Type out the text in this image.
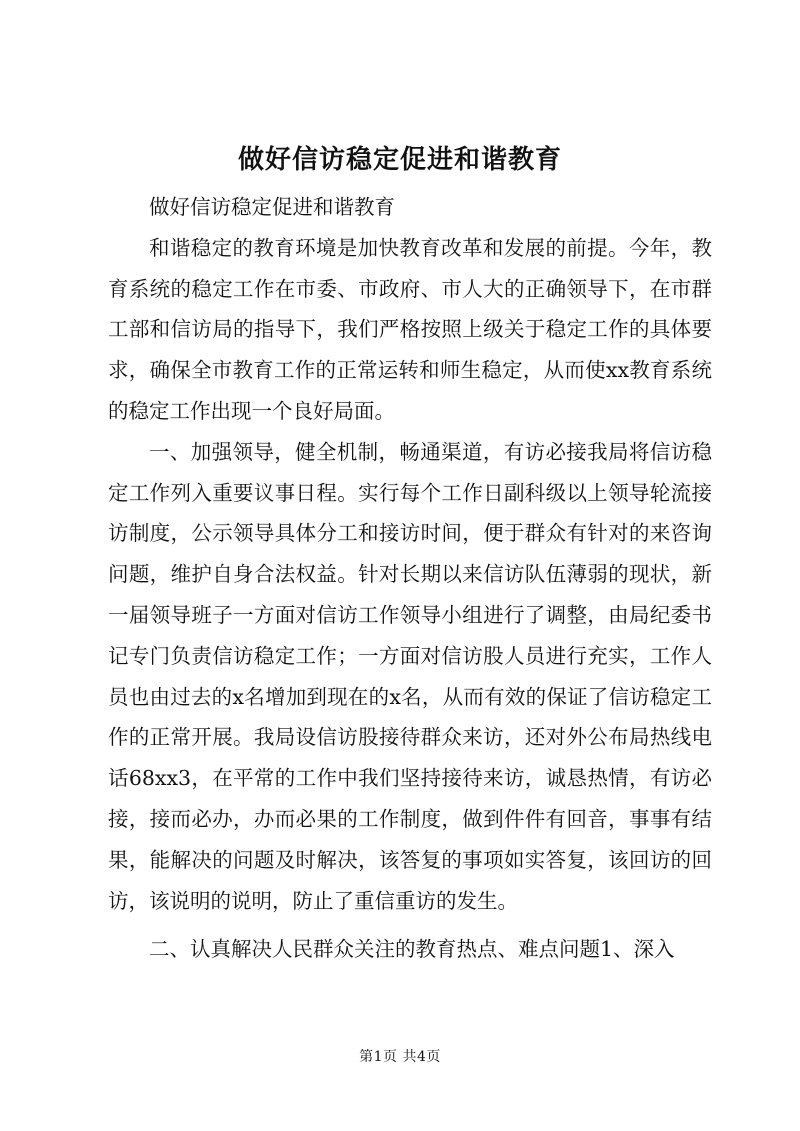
做好信访稳定促进和谐教育

做好信访稳定促进和谐教育

和谐稳定的教育环境是加快教育改革和发展的前提。今年，教育系统的稳定工作在市委、市政府、市人大的正确领导下，在市群工部和信访局的指导下，我们严格按照上级关于稳定工作的具体要求，确保全市教育工作的正常运转和师生稳定，从而使xx教育系统的稳定工作出现一个良好局面。

一、加强领导，健全机制，畅通渠道，有访必接我局将信访稳定工作列入重要议事日程。实行每个工作日副科级以上领导轮流接访制度，公示领导具体分工和接访时间，便于群众有针对的来咨询问题，维护自身合法权益。针对长期以来信访队伍薄弱的现状，新一届领导班子一方面对信访工作领导小组进行了调整，由局纪委书记专门负责信访稳定工作；一方面对信访股人员进行充实，工作人员也由过去的x名增加到现在的x名，从而有效的保证了信访稳定工作的正常开展。我局设信访股接待群众来访，还对外公布局热线电话68xx3，在平常的工作中我们坚持接待来访，诚恳热情，有访必接，接而必办，办而必果的工作制度，做到件件有回音，事事有结果，能解决的问题及时解决，该答复的事项如实答复，该回访的回访，该说明的说明，防止了重信重访的发生。

二、认真解决人民群众关注的教育热点、难点问题1、深入

第1页 共4页
